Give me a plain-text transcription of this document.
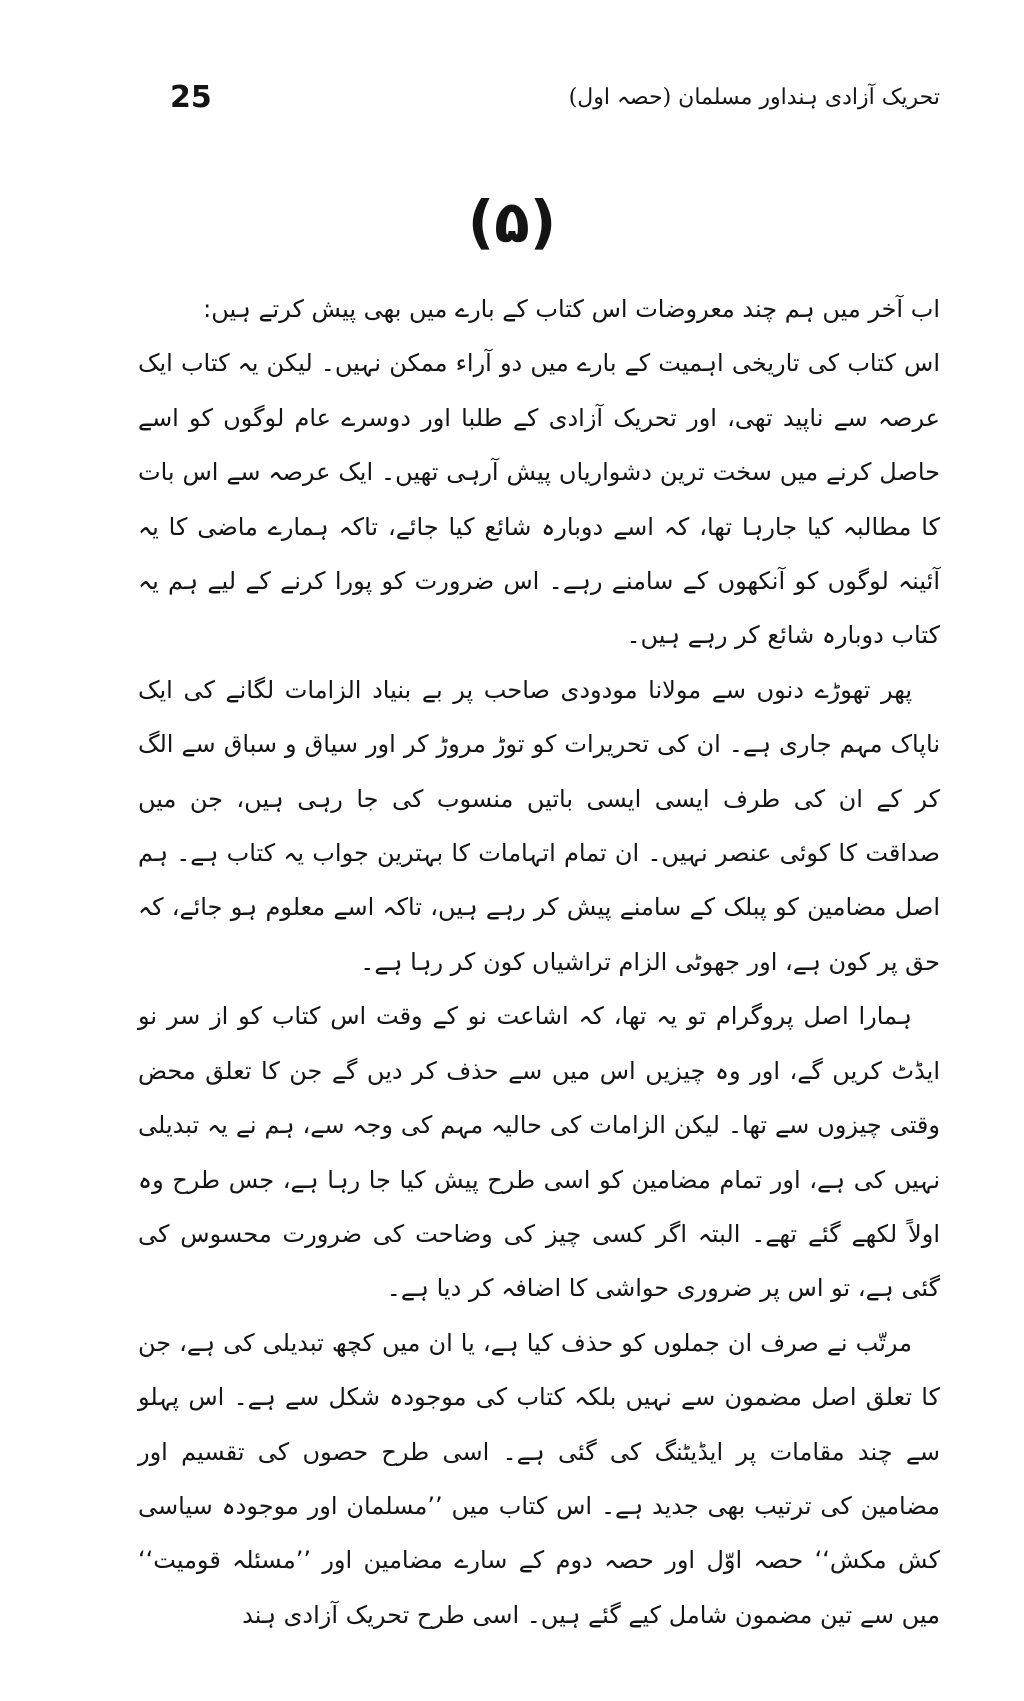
25	تحریک آزادی ہنداور مسلمان (حصہ اول)
(۵)

اب آخر میں ہم چند معروضات اس کتاب کے بارے میں بھی پیش کرتے ہیں:

اس کتاب کی تاریخی اہمیت کے بارے میں دو آراء ممکن نہیں۔ لیکن یہ کتاب ایک عرصہ سے ناپید تھی، اور تحریک آزادی کے طلبا اور دوسرے عام لوگوں کو اسے حاصل کرنے میں سخت ترین دشواریاں پیش آرہی تھیں۔ ایک عرصہ سے اس بات کا مطالبہ کیا جارہا تھا، کہ اسے دوبارہ شائع کیا جائے، تاکہ ہمارے ماضی کا یہ آئینہ لوگوں کو آنکھوں کے سامنے رہے۔ اس ضرورت کو پورا کرنے کے لیے ہم یہ کتاب دوبارہ شائع کر رہے ہیں۔

پھر تھوڑے دنوں سے مولانا مودودی صاحب پر بے بنیاد الزامات لگانے کی ایک ناپاک مہم جاری ہے۔ ان کی تحریرات کو توڑ مروڑ کر اور سیاق و سباق سے الگ کر کے ان کی طرف ایسی ایسی باتیں منسوب کی جا رہی ہیں، جن میں صداقت کا کوئی عنصر نہیں۔ ان تمام اتہامات کا بہترین جواب یہ کتاب ہے۔ ہم اصل مضامین کو پبلک کے سامنے پیش کر رہے ہیں، تاکہ اسے معلوم ہو جائے، کہ حق پر کون ہے، اور جھوٹی الزام تراشیاں کون کر رہا ہے۔

ہمارا اصل پروگرام تو یہ تھا، کہ اشاعت نو کے وقت اس کتاب کو از سر نو ایڈٹ کریں گے، اور وہ چیزیں اس میں سے حذف کر دیں گے جن کا تعلق محض وقتی چیزوں سے تھا۔ لیکن الزامات کی حالیہ مہم کی وجہ سے، ہم نے یہ تبدیلی نہیں کی ہے، اور تمام مضامین کو اسی طرح پیش کیا جا رہا ہے، جس طرح وہ اولاً لکھے گئے تھے۔ البتہ اگر کسی چیز کی وضاحت کی ضرورت محسوس کی گئی ہے، تو اس پر ضروری حواشی کا اضافہ کر دیا ہے۔

مرتّب نے صرف ان جملوں کو حذف کیا ہے، یا ان میں کچھ تبدیلی کی ہے، جن کا تعلق اصل مضمون سے نہیں بلکہ کتاب کی موجودہ شکل سے ہے۔ اس پہلو سے چند مقامات پر ایڈیٹنگ کی گئی ہے۔ اسی طرح حصوں کی تقسیم اور مضامین کی ترتیب بھی جدید ہے۔ اس کتاب میں ’’مسلمان اور موجودہ سیاسی کش مکش‘‘ حصہ اوّل اور حصہ دوم کے سارے مضامین اور ’’مسئلہ قومیت‘‘ میں سے تین مضمون شامل کیے گئے ہیں۔ اسی طرح تحریک آزادی ہند
